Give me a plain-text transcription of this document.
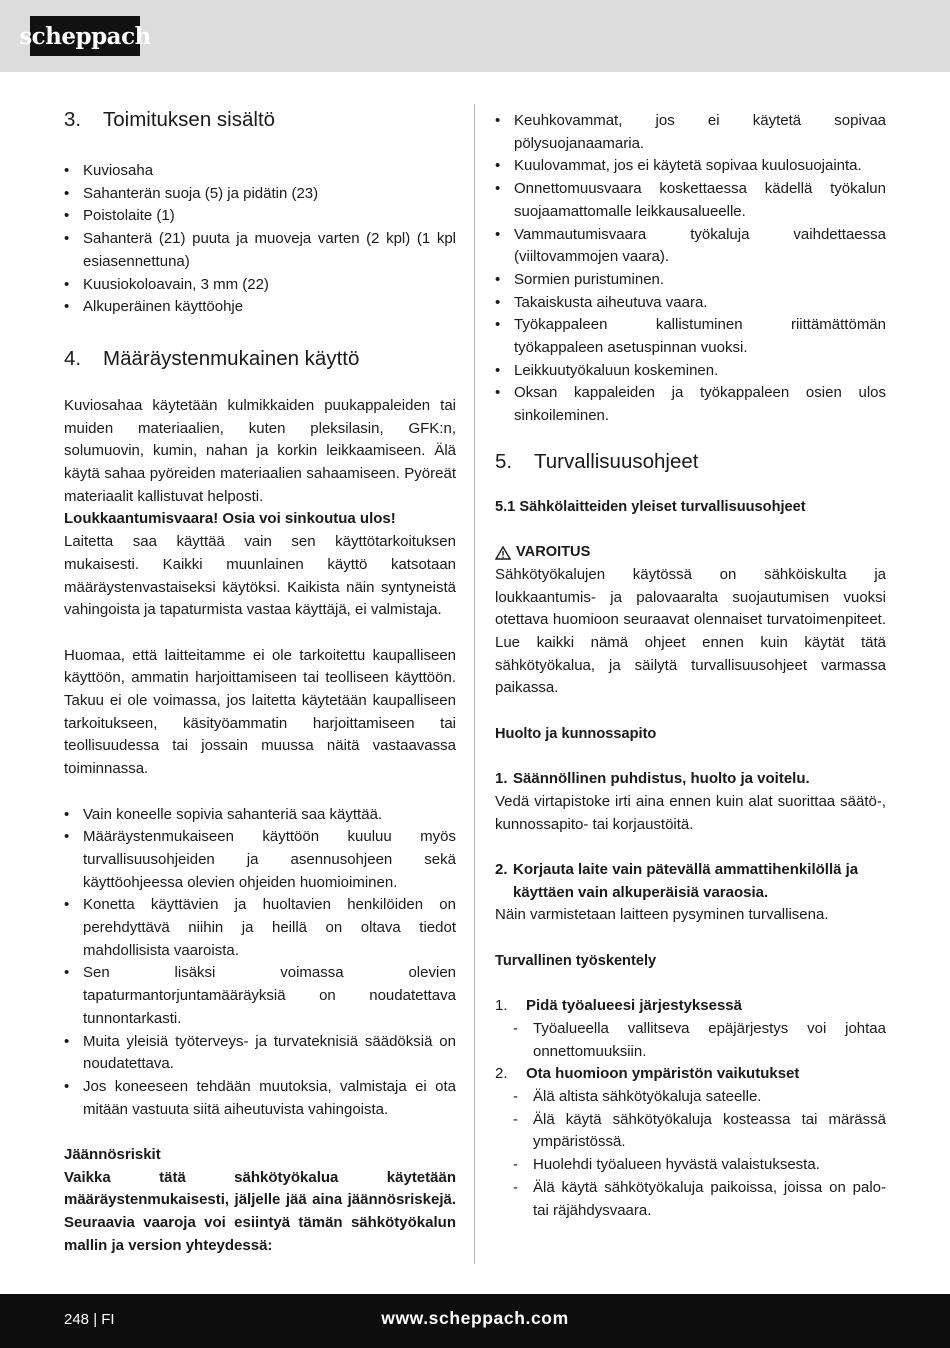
scheppach
3.	Toimituksen sisältö
• Kuviosaha
• Sahanterän suoja (5) ja pidätin (23)
• Poistolaite (1)
• Sahanterä (21) puuta ja muoveja varten (2 kpl) (1 kpl esiasennettuna)
• Kuusiokoloavain, 3 mm (22)
• Alkuperäinen käyttöohje
4.	Määräystenmukainen käyttö

Kuviosahaa käytetään kulmikkaiden puukappaleiden tai muiden materiaalien, kuten pleksilasin, GFK:n, solumuovin, kumin, nahan ja korkin leikkaamiseen. Älä käytä sahaa pyöreiden materiaalien sahaamiseen. Pyöreät materiaalit kallistuvat helposti.

Loukkaantumisvaara! Osia voi sinkoutua ulos!

Laitetta saa käyttää vain sen käyttötarkoituksen mukaisesti. Kaikki muunlainen käyttö katsotaan määräystenvastaiseksi käytöksi. Kaikista näin syntyneistä vahingoista ja tapaturmista vastaa käyttäjä, ei valmistaja.

Huomaa, että laitteitamme ei ole tarkoitettu kaupalliseen käyttöön, ammatin harjoittamiseen tai teolliseen käyttöön. Takuu ei ole voimassa, jos laitetta käytetään kaupalliseen tarkoitukseen, käsityöammatin harjoittamiseen tai teollisuudessa tai jossain muussa näitä vastaavassa toiminnassa.

• Vain koneelle sopivia sahanteriä saa käyttää.
• Määräystenmukaiseen käyttöön kuuluu myös turvallisuusohjeiden ja asennusohjeen sekä käyttöohjeessa olevien ohjeiden huomioiminen.
• Konetta käyttävien ja huoltavien henkilöiden on perehdyttävä niihin ja heillä on oltava tiedot mahdollisista vaaroista.
• Sen lisäksi voimassa olevien tapaturmantorjuntamääräyksiä on noudatettava tunnontarkasti.
• Muita yleisiä työterveys- ja turvateknisiä säädöksiä on noudatettava.
• Jos koneeseen tehdään muutoksia, valmistaja ei ota mitään vastuuta siitä aiheutuvista vahingoista.

Jäännösriskit

Vaikka tätä sähkötyökalua käytetään määräystenmukaisesti, jäljelle jää aina jäännösriskejä. Seuraavia vaaroja voi esiintyä tämän sähkötyökalun mallin ja version yhteydessä:

• Keuhkovammat, jos ei käytetä sopivaa pölysuojanaamaria.
• Kuulovammat, jos ei käytetä sopivaa kuulosuojainta.
• Onnettomuusvaara koskettaessa kädellä työkalun suojaamattomalle leikkausalueelle.
• Vammautumisvaara työkaluja vaihdettaessa (viiltovammojen vaara).
• Sormien puristuminen.
• Takaiskusta aiheutuva vaara.
• Työkappaleen kallistuminen riittämättömän työkappaleen asetuspinnan vuoksi.
• Leikkuutyökaluun koskeminen.
• Oksan kappaleiden ja työkappaleen osien ulos sinkoileminen.
5.	Turvallisuusohjeet

5.1 Sähkölaitteiden yleiset turvallisuusohjeet

VAROITUS

Sähkötyökalujen käytössä on sähköiskulta ja loukkaantumis- ja palovaaralta suojautumisen vuoksi otettava huomioon seuraavat olennaiset turvatoimenpiteet. Lue kaikki nämä ohjeet ennen kuin käytät tätä sähkötyökalua, ja säilytä turvallisuusohjeet varmassa paikassa.

Huolto ja kunnossapito

1. Säännöllinen puhdistus, huolto ja voitelu.

Vedä virtapistoke irti aina ennen kuin alat suorittaa säätö-, kunnossapito- tai korjaustöitä.

2. Korjauta laite vain pätevällä ammattihenkilöllä ja käyttäen vain alkuperäisiä varaosia.

Näin varmistetaan laitteen pysyminen turvallisena.

Turvallinen työskentely

1. Pidä työalueesi järjestyksessä
- Työalueella vallitseva epäjärjestys voi johtaa onnettomuuksiin.
2. Ota huomioon ympäristön vaikutukset
- Älä altista sähkötyökaluja sateelle.
- Älä käytä sähkötyökaluja kosteassa tai märässä ympäristössä.
- Huolehdi työalueen hyvästä valaistuksesta.
- Älä käytä sähkötyökaluja paikoissa, joissa on palo- tai räjähdysvaara.
248 | FI	www.scheppach.com
